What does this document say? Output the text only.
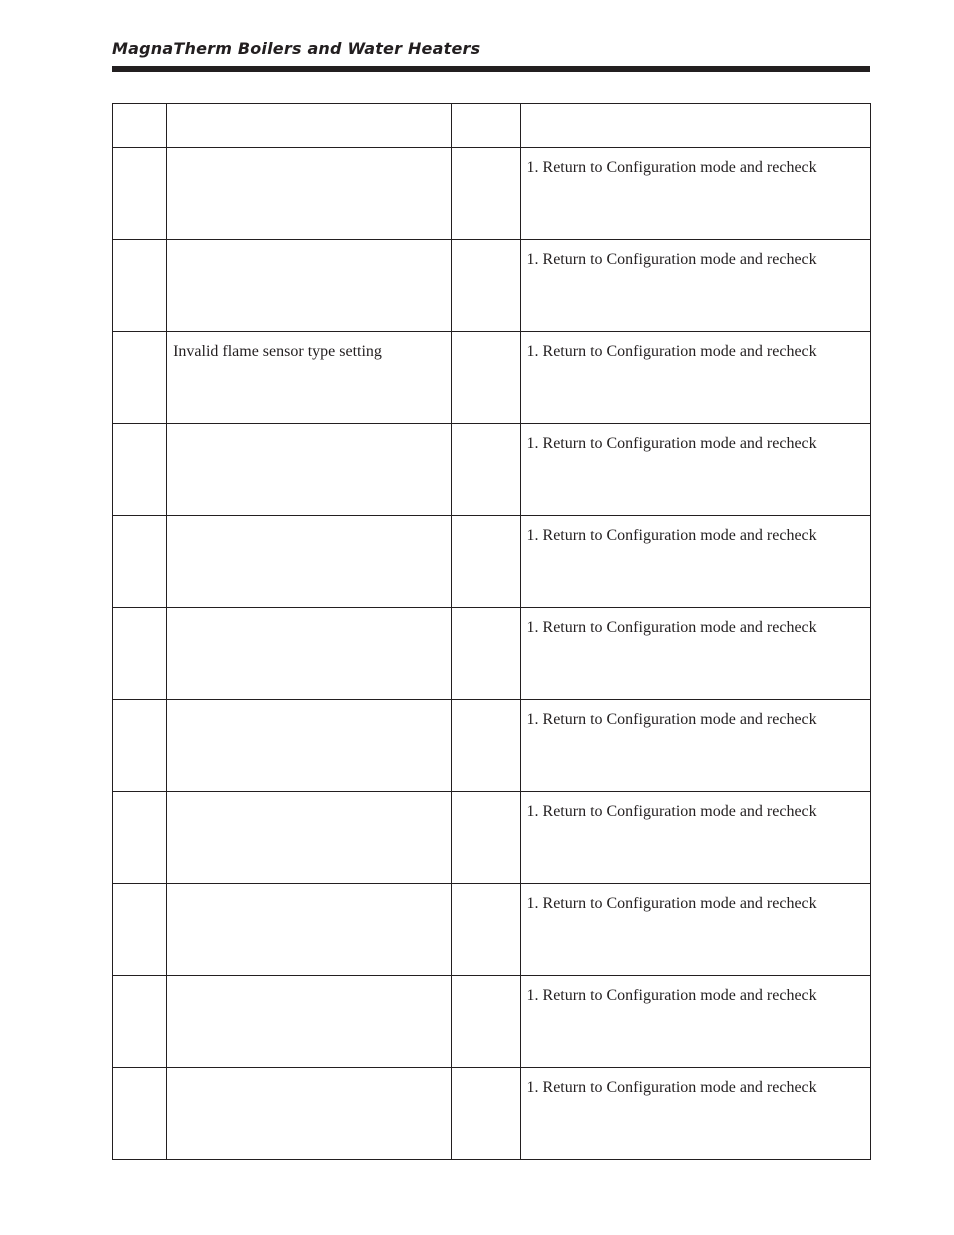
MagnaTherm Boilers and Water Heaters

			1. Return to Configuration mode and recheck
			1. Return to Configuration mode and recheck
	Invalid flame sensor type setting		1. Return to Configuration mode and recheck
			1. Return to Configuration mode and recheck
			1. Return to Configuration mode and recheck
			1. Return to Configuration mode and recheck
			1. Return to Configuration mode and recheck
			1. Return to Configuration mode and recheck
			1. Return to Configuration mode and recheck
			1. Return to Configuration mode and recheck
			1. Return to Configuration mode and recheck
